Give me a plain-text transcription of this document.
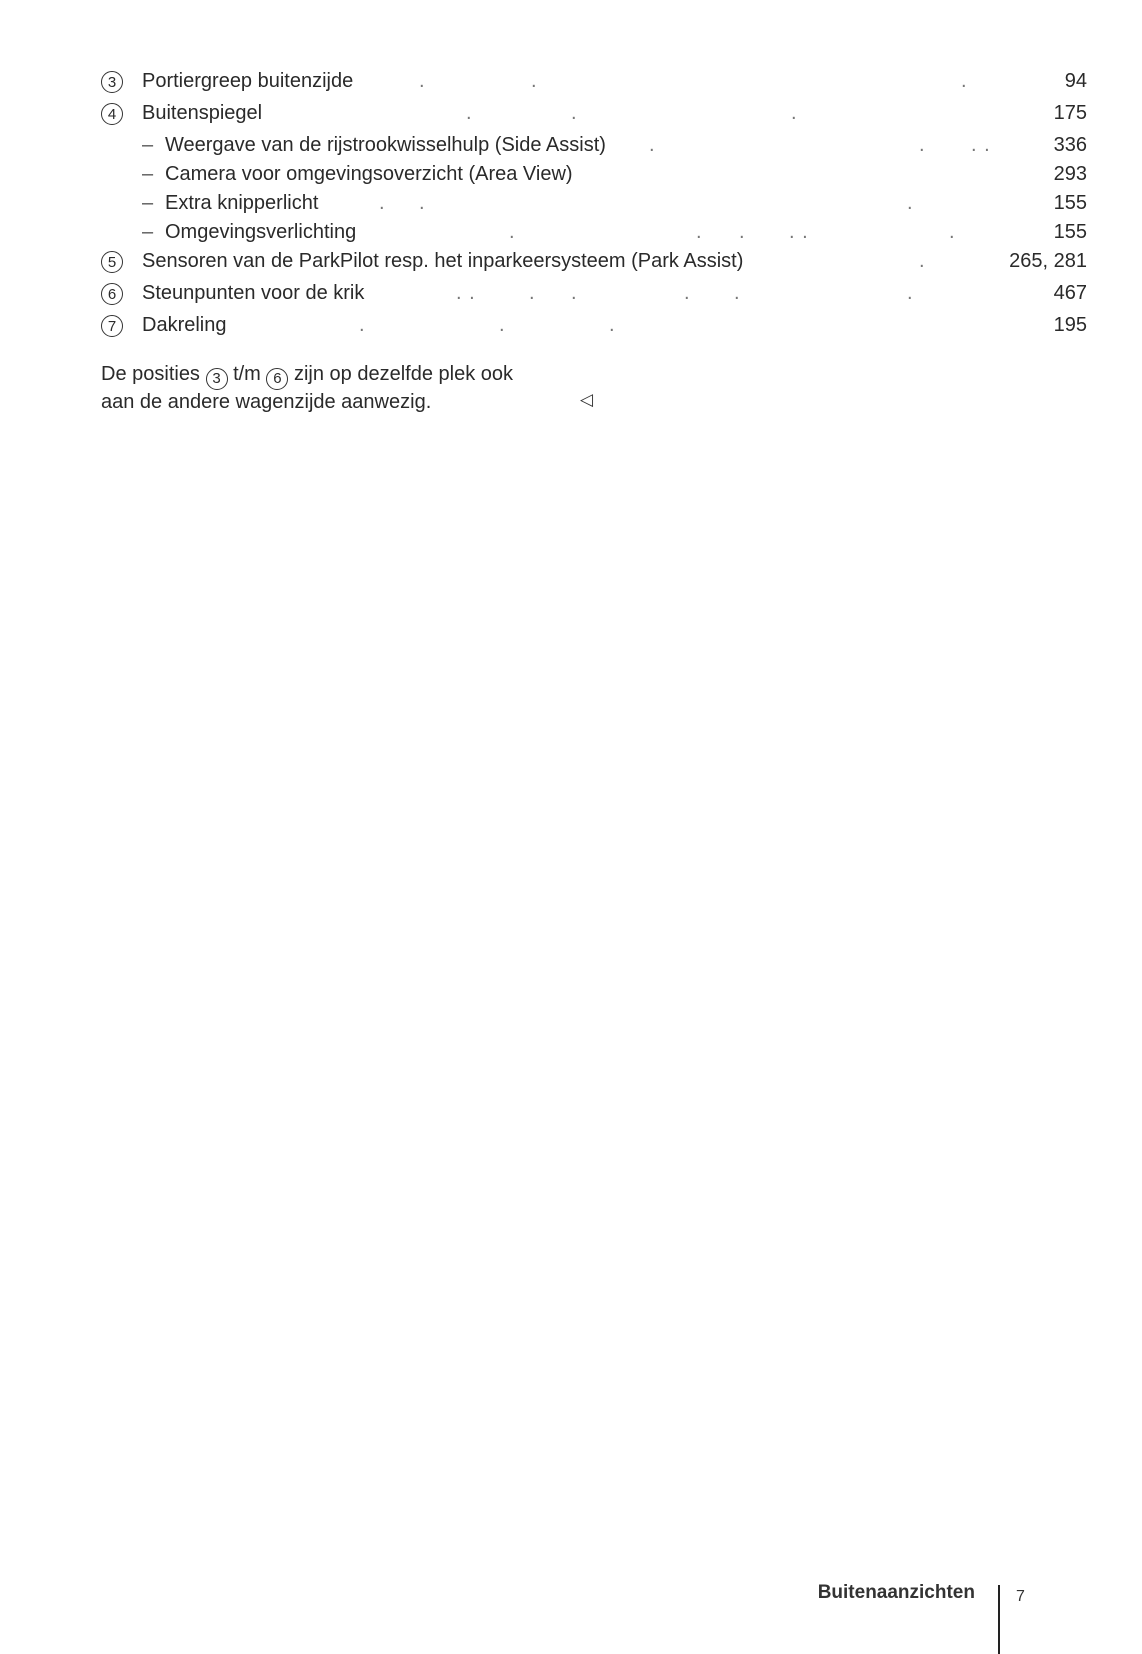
3 Portiergreep buitenzijde	.	.	.	94
4 Buitenspiegel	.	.	.	175
– Weergave van de rijstrookwisselhulp (Side Assist) .	. . .	336
– Camera voor omgevingsoverzicht (Area View)	293
– Extra knipperlicht	. .	.	155
– Omgevingsverlichting	.	. . . .	.	155
5 Sensoren van de ParkPilot resp. het inparkeersysteem (Park Assist)	.	265, 281
6 Steunpunten voor de krik	. .	. .	. .	.	467
7 Dakreling	.	.	.	195
De posities 3 t/m 6 zijn op dezelfde plek ook
aan de andere wagenzijde aanwezig.	◁
Buitenaanzichten	7
